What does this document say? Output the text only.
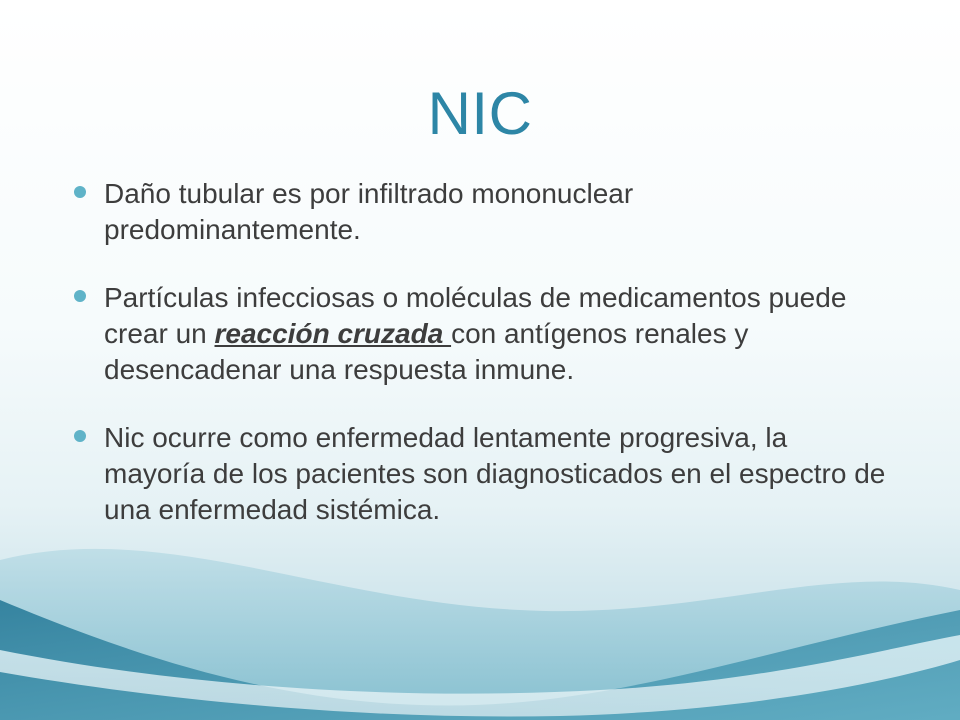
NIC
Daño tubular es por infiltrado mononuclear predominantemente.
Partículas infecciosas o moléculas de medicamentos puede crear un reacción cruzada con antígenos renales y desencadenar una respuesta inmune.
Nic ocurre como enfermedad lentamente progresiva, la mayoría de los pacientes son diagnosticados en el espectro de una enfermedad sistémica.
